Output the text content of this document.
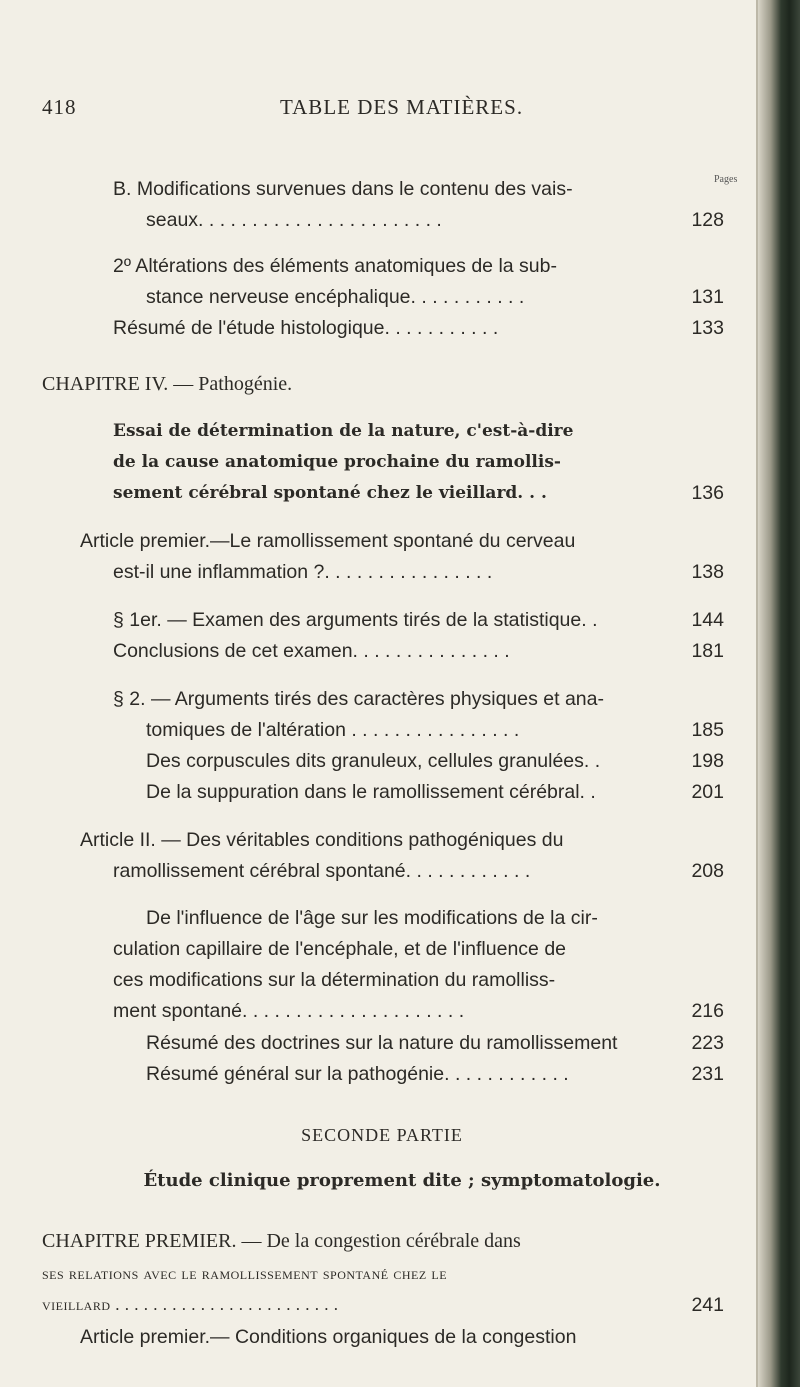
418	TABLE DES MATIÈRES.
Pages
B. Modifications survenues dans le contenu des vais-
seaux. . . . . . . . . . . . . . . . . . . . . . .	128
2º Altérations des éléments anatomiques de la sub-
stance nerveuse encéphalique. . . . . . . . . . .	131
Résumé de l'étude histologique. . . . . . . . . . .	133
CHAPITRE IV. — Pathogénie.
Essai de détermination de la nature, c'est-à-dire
de la cause anatomique prochaine du ramollis-
sement cérébral spontané chez le vieillard. . .	136
Article premier.—Le ramollissement spontané du cerveau
est-il une inflammation ?. . . . . . . . . . . . . . . .	138
§ 1er. — Examen des arguments tirés de la statistique. .	144
Conclusions de cet examen. . . . . . . . . . . . . . .	181
§ 2. — Arguments tirés des caractères physiques et ana-
tomiques de l'altération . . . . . . . . . . . . . . . .	185
Des corpuscules dits granuleux, cellules granulées. .	198
De la suppuration dans le ramollissement cérébral. .	201
Article II. — Des véritables conditions pathogéniques du
ramollissement cérébral spontané. . . . . . . . . . . .	208
De l'influence de l'âge sur les modifications de la cir-
culation capillaire de l'encéphale, et de l'influence de
ces modifications sur la détermination du ramolliss-
ment spontané. . . . . . . . . . . . . . . . . . . . .	216
Résumé des doctrines sur la nature du ramollissement	223
Résumé général sur la pathogénie. . . . . . . . . . . .	231
SECONDE PARTIE
Étude clinique proprement dite ; symptomatologie.
CHAPITRE PREMIER. — De la congestion cérébrale dans
ses relations avec le ramollissement spontané chez le
vieillard . . . . . . . . . . . . . . . . . . . . . . . .	241
Article premier.— Conditions organiques de la congestion
